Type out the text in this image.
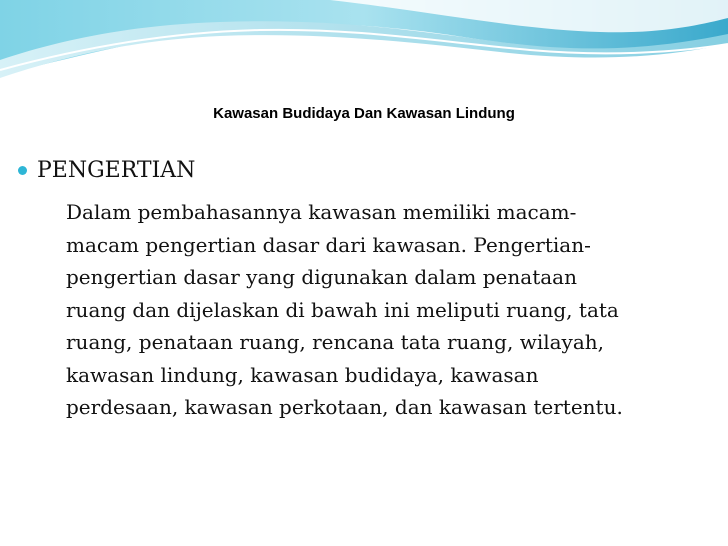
Kawasan Budidaya Dan Kawasan Lindung
PENGERTIAN
Dalam pembahasannya kawasan memiliki macam-
macam pengertian dasar dari kawasan. Pengertian-
pengertian dasar yang digunakan dalam penataan
ruang dan dijelaskan di bawah ini meliputi ruang, tata
ruang, penataan ruang, rencana tata ruang, wilayah,
kawasan lindung, kawasan budidaya, kawasan
perdesaan, kawasan perkotaan, dan kawasan tertentu.
